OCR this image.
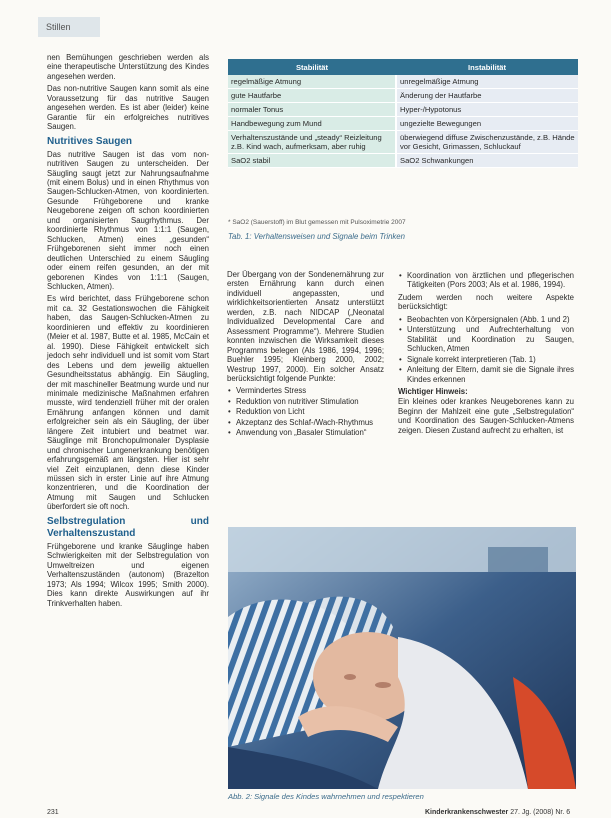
Stillen

nen Bemühungen geschrieben werden als eine therapeutische Unterstützung des Kindes angesehen werden.

Das non-nutritive Saugen kann somit als eine Voraussetzung für das nutritive Saugen angesehen werden. Es ist aber (leider) keine Garantie für ein erfolgreiches nutritives Saugen.

Nutritives Saugen

Das nutritive Saugen ist das vom non-nutritiven Saugen zu unterscheiden. Der Säugling saugt jetzt zur Nahrungsaufnahme (mit einem Bolus) und in einen Rhythmus von Saugen-Schlucken-Atmen, von koordinierten. Gesunde Frühgeborene und kranke Neugeborene zeigen oft schon koordinierten und organisierten Saugrhythmus. Der koordinierte Rhythmus von 1:1:1 (Saugen, Schlucken, Atmen) eines „gesunden“ Frühgeborenen sieht immer noch einen deutlichen Unterschied zu einem Säugling oder einem reifen gesunden, an der mit geborenen Kindes von 1:1:1 (Saugen, Schlucken, Atmen).

Es wird berichtet, dass Frühgeborene schon mit ca. 32 Gestationswochen die Fähigkeit haben, das Saugen-Schlucken-Atmen zu koordinieren und effektiv zu koordinieren (Meier et al. 1987, Butte et al. 1985, McCain et al. 1990). Diese Fähigkeit entwickelt sich jedoch sehr individuell und ist somit vom Start des Lebens und dem jeweilig aktuellen Gesundheitsstatus abhängig. Ein Säugling, der mit maschineller Beatmung wurde und nur minimale medizinische Maßnahmen erfahren musste, wird tendenziell früher mit der oralen Ernährung anfangen können und damit erfolgreicher sein als ein Säugling, der über längere Zeit intubiert und beatmet war. Säuglinge mit Bronchopulmonaler Dysplasie und chronischer Lungenerkrankung benötigen erfahrungsgemäß am längsten. Hier ist sehr viel Zeit einzuplanen, denn diese Kinder müssen sich in erster Linie auf ihre Atmung konzentrieren, und die Koordination der Atmung mit Saugen und Schlucken überfordert sie oft noch.

Selbstregulation und Verhaltenszustand

Frühgeborene und kranke Säuglinge haben Schwierigkeiten mit der Selbstregulation von Umweltreizen und eigenen Verhaltenszuständen (autonom) (Brazelton 1973; Als 1994; Wilcox 1995; Smith 2000). Dies kann direkte Auswirkungen auf ihr Trinkverhalten haben.

Stabilität	Instabilität
regelmäßige Atmung	unregelmäßige Atmung
gute Hautfarbe	Änderung der Hautfarbe
normaler Tonus	Hyper-/Hypotonus
Handbewegung zum Mund	ungezielte Bewegungen
Verhaltenszustände und „steady“ Reizleitung z.B. Kind wach, aufmerksam, aber ruhig	überwiegend diffuse Zwischenzustände, z.B. Hände vor Gesicht, Grimassen, Schluckauf
SaO2 stabil	SaO2 Schwankungen
* SaO2 (Sauerstoff) im Blut gemessen mit Pulsoximetrie 2007
Tab. 1: Verhaltensweisen und Signale beim Trinken

Der Übergang von der Sondenernährung zur ersten Ernährung kann durch einen individuell angepassten, und wirklichkeitsorientierten Ansatz unterstützt werden, z.B. nach NIDCAP („Neonatal Individualized Developmental Care and Assessment Programme“). Mehrere Studien konnten inzwischen die Wirksamkeit dieses Programms belegen (Als 1986, 1994, 1996; Buehler 1995; Kleinberg 2000, 2002; Westrup 1997, 2000). Ein solcher Ansatz berücksichtigt folgende Punkte:

• Vermindertes Stress
• Reduktion von nutritiver Stimulation
• Reduktion von Licht
• Akzeptanz des Schlaf-/Wach-Rhythmus
• Anwendung von „Basaler Stimulation“
• Koordination von ärztlichen und pflegerischen Tätigkeiten (Pors 2003; Als et al. 1986, 1994).

Zudem werden noch weitere Aspekte berücksichtigt:

• Beobachten von Körpersignalen (Abb. 1 und 2)
• Unterstützung und Aufrechterhaltung von Stabilität und Koordination zu Saugen, Schlucken, Atmen
• Signale korrekt interpretieren (Tab. 1)
• Anleitung der Eltern, damit sie die Signale ihres Kindes erkennen
Wichtiger Hinweis:

Ein kleines oder krankes Neugeborenes kann zu Beginn der Mahlzeit eine gute „Selbstregulation“ und Koordination des Saugen-Schlucken-Atmens zeigen. Diesen Zustand aufrecht zu erhalten, ist

Abb. 2: Signale des Kindes wahrnehmen und respektieren
231	Kinderkrankenschwester 27. Jg. (2008) Nr. 6
